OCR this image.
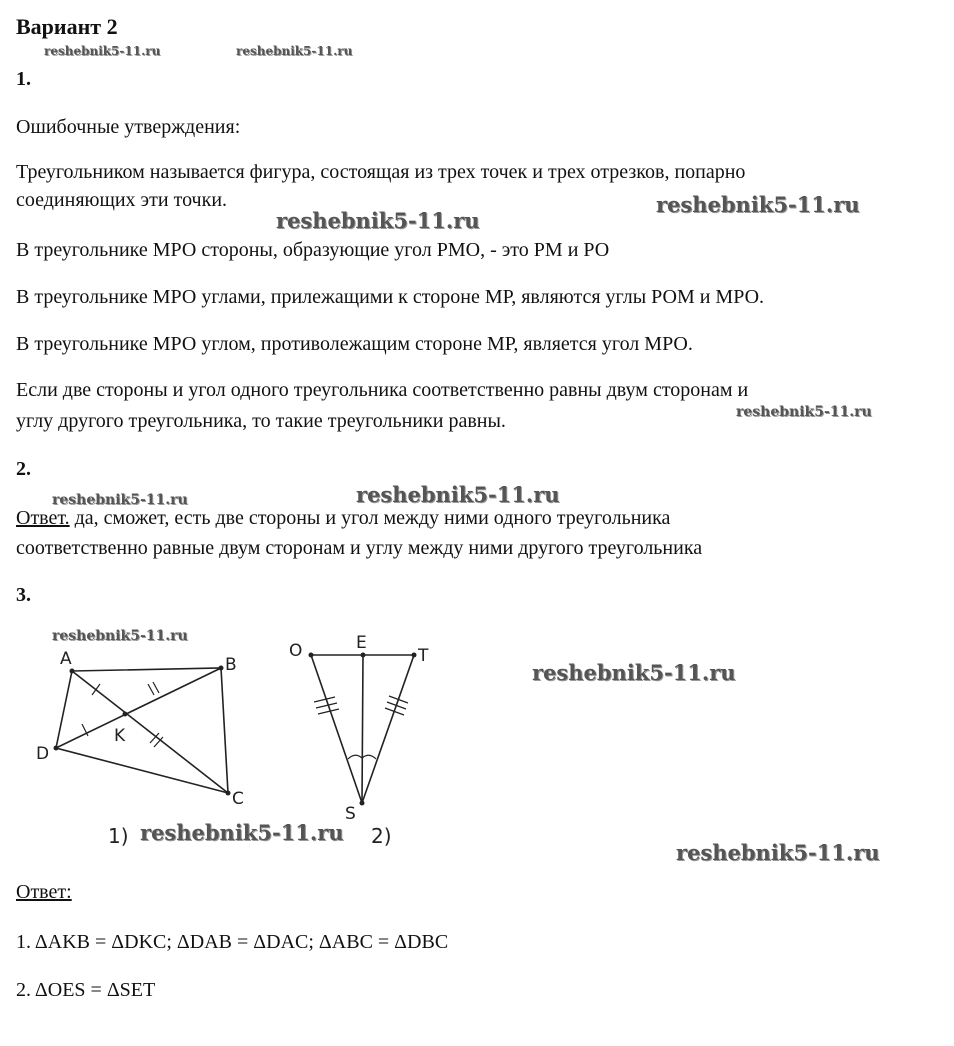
Вариант 2
reshebnik5-11.ru	reshebnik5-11.ru
1.
Ошибочные утверждения:
Треугольником называется фигура, состоящая из трех точек и трех отрезков, попарно
соединяющих эти точки.
reshebnik5-11.ru
reshebnik5-11.ru
В треугольнике МРО стороны, образующие угол РМО, - это РМ и РО
В треугольнике МРО углами, прилежащими к стороне МР, являются углы РОМ и МРО.
В треугольнике МРО углом, противолежащим стороне МР, является угол МРО.
Если две стороны и угол одного треугольника соответственно равны двум сторонам и
углу другого треугольника, то такие треугольники равны.	reshebnik5-11.ru
2.
reshebnik5-11.ru	reshebnik5-11.ru
Ответ. да, сможет, есть две стороны и угол между ними одного треугольника
соответственно равные двум сторонам и углу между ними другого треугольника
3.
reshebnik5-11.ru
A	B
C
D
K
O	E
T
S
1)	2)
reshebnik5-11.ru
reshebnik5-11.ru
reshebnik5-11.ru
Ответ:
1. ΔAKB = ΔDKC; ΔDAB = ΔDAC; ΔABC = ΔDBC
2. ΔOES = ΔSET
